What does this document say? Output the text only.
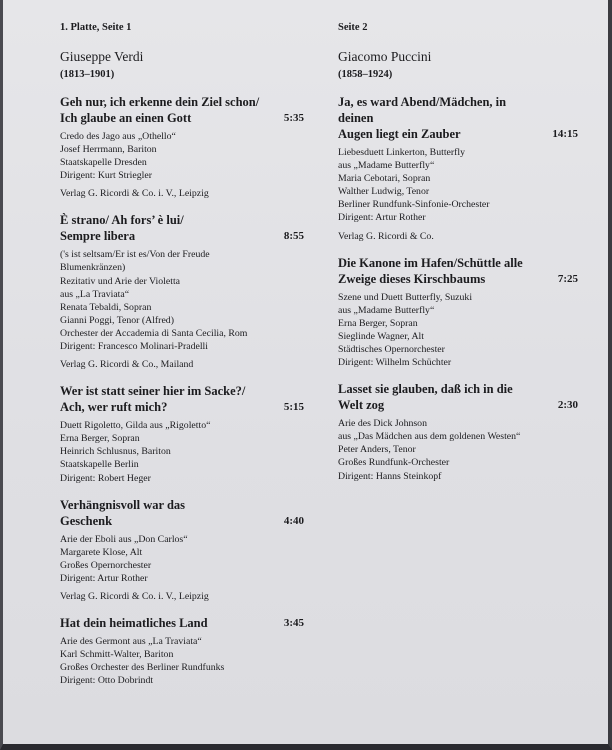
1. Platte, Seite 1
Giuseppe Verdi
(1813–1901)
Geh nur, ich erkenne dein Ziel schon/
Ich glaube an einen Gott	5:35
Credo des Jago aus „Othello“
Josef Herrmann, Bariton
Staatskapelle Dresden
Dirigent: Kurt Striegler
Verlag G. Ricordi & Co. i. V., Leipzig
È strano/ Ah fors’ è lui/
Sempre libera	8:55
('s ist seltsam/Er ist es/Von der Freude
Blumenkränzen)
Rezitativ und Arie der Violetta
aus „La Traviata“
Renata Tebaldi, Sopran
Gianni Poggi, Tenor (Alfred)
Orchester der Accademia di Santa Cecilia, Rom
Dirigent: Francesco Molinari-Pradelli
Verlag G. Ricordi & Co., Mailand
Wer ist statt seiner hier im Sacke?/
Ach, wer ruft mich?	5:15
Duett Rigoletto, Gilda aus „Rigoletto“
Erna Berger, Sopran
Heinrich Schlusnus, Bariton
Staatskapelle Berlin
Dirigent: Robert Heger
Verhängnisvoll war das
Geschenk	4:40
Arie der Eboli aus „Don Carlos“
Margarete Klose, Alt
Großes Opernorchester
Dirigent: Artur Rother
Verlag G. Ricordi & Co. i. V., Leipzig
Hat dein heimatliches Land	3:45
Arie des Germont aus „La Traviata“
Karl Schmitt-Walter, Bariton
Großes Orchester des Berliner Rundfunks
Dirigent: Otto Dobrindt
Seite 2
Giacomo Puccini
(1858–1924)
Ja, es ward Abend/Mädchen, in deinen
Augen liegt ein Zauber	14:15
Liebesduett Linkerton, Butterfly
aus „Madame Butterfly“
Maria Cebotari, Sopran
Walther Ludwig, Tenor
Berliner Rundfunk-Sinfonie-Orchester
Dirigent: Artur Rother
Verlag G. Ricordi & Co.
Die Kanone im Hafen/Schüttle alle
Zweige dieses Kirschbaums	7:25
Szene und Duett Butterfly, Suzuki
aus „Madame Butterfly“
Erna Berger, Sopran
Sieglinde Wagner, Alt
Städtisches Opernorchester
Dirigent: Wilhelm Schüchter
Lasset sie glauben, daß ich in die
Welt zog	2:30
Arie des Dick Johnson
aus „Das Mädchen aus dem goldenen Westen“
Peter Anders, Tenor
Großes Rundfunk-Orchester
Dirigent: Hanns Steinkopf
